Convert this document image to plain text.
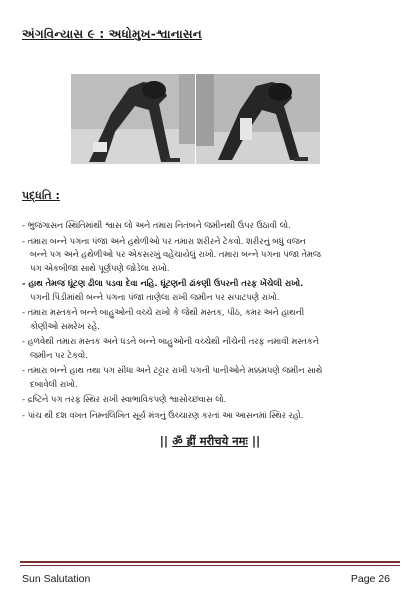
અંગવિન્યાસ ૯ : અધોમુખ-શ્વાનાસન
પદ્ધતિ :
- ભુજંગાસન સ્થિતિમાંથી શ્વાસ લો અને તમારા નિતંબને જમીનથી ઉપર ઉઠાવી લો.
- તમારા બન્ને પગના પંજા અને હથેળીઓ પર તમારા શરીરને ટેકવો. શરીરનું બધું વજન
બન્ને પગ અને હથેળીઓ પર એકસરખું વહેંચાયેલું રાખો. તમારા બન્ને પગના પંજા તેમજ
પગ એકબીજા સાથે પૂર્ણપણે જોડેલા રાખો.
- હાથ તેમજ ઘૂંટણ ઢીલા પડવા દેવા નહિ. ઘૂંટણની ઢાંકણી ઉપરની તરફ ખેંચેલી રાખો.
પગની પિંડીમાંથી બન્ને પગના પંજા તાણેલા રાખી જમીન પર સપાટપણે રાખો.
- તમારા મસ્તકને બન્ને બાહુઓની વચ્ચે રાખો કે જેથી મસ્તક, પીઠ, કમર અને હાથની
કોણીઓ સમરેખ રહે.
- હળવેથી તમારા મસ્તક અને ધડને બન્ને બાહુઓની વચ્ચેથી નીચેની તરફ નમાવી મસ્તકને
જમીન પર ટેકવો.
- તમારા બન્ને હાથ તથા પગ સીધા અને ટટ્ટાર રાખી પગની પાનીઓને મક્કમપણે જમીન સાથે
દબાવેલી રાખો.
- દ્રષ્ટિને પગ તરફ સ્થિર રાખી સ્વાભાવિકપણે શ્વાસોચ્છવાસ લો.
- પાંચ થી દશ વખત નિમ્નલિખિત સૂર્ય મંત્રનું ઉચ્ચારણ કરતાં આ આસનમાં સ્થિર રહો.
|| ॐ ह्रीं मरीचये नमः ||
Sun Salutation	Page 26
